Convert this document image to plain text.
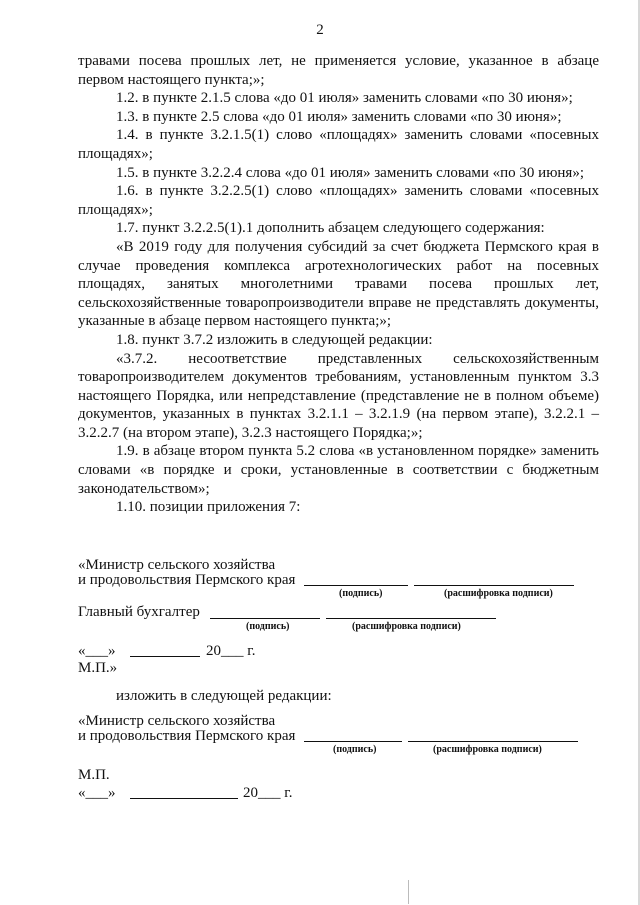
2

травами посева прошлых лет, не применяется условие, указанное в абзаце первом настоящего пункта;»;

1.2. в пункте 2.1.5 слова «до 01 июля» заменить словами «по 30 июня»;

1.3. в пункте 2.5 слова «до 01 июля» заменить словами «по 30 июня»;

1.4. в пункте 3.2.1.5(1) слово «площадях» заменить словами «посевных площадях»;

1.5. в пункте 3.2.2.4 слова «до 01 июля» заменить словами «по 30 июня»;

1.6. в пункте 3.2.2.5(1) слово «площадях» заменить словами «посевных площадях»;

1.7. пункт 3.2.2.5(1).1 дополнить абзацем следующего содержания:

«В 2019 году для получения субсидий за счет бюджета Пермского края в случае проведения комплекса агротехнологических работ на посевных площадях, занятых многолетними травами посева прошлых лет, сельскохозяйственные товаропроизводители вправе не представлять документы, указанные в абзаце первом настоящего пункта;»;

1.8. пункт 3.7.2 изложить в следующей редакции:

«3.7.2. несоответствие представленных сельскохозяйственным товаропроизводителем документов требованиям, установленным пунктом 3.3 настоящего Порядка, или непредставление (представление не в полном объеме) документов, указанных в пунктах 3.2.1.1 – 3.2.1.9 (на первом этапе), 3.2.2.1 – 3.2.2.7 (на втором этапе), 3.2.3 настоящего Порядка;»;

1.9. в абзаце втором пункта 5.2 слова «в установленном порядке» заменить словами «в порядке и сроки, установленные в соответствии с бюджетным законодательством»;

1.10. позиции приложения 7:

«Министр сельского хозяйства
и продовольствия Пермского края
(подпись)	(расшифровка подписи)
Главный бухгалтер
(подпись)	(расшифровка подписи)
«___»	20___ г.
М.П.»
изложить в следующей редакции:
«Министр сельского хозяйства
и продовольствия Пермского края
(подпись)	(расшифровка подписи)
М.П.
«___»	20___ г.
